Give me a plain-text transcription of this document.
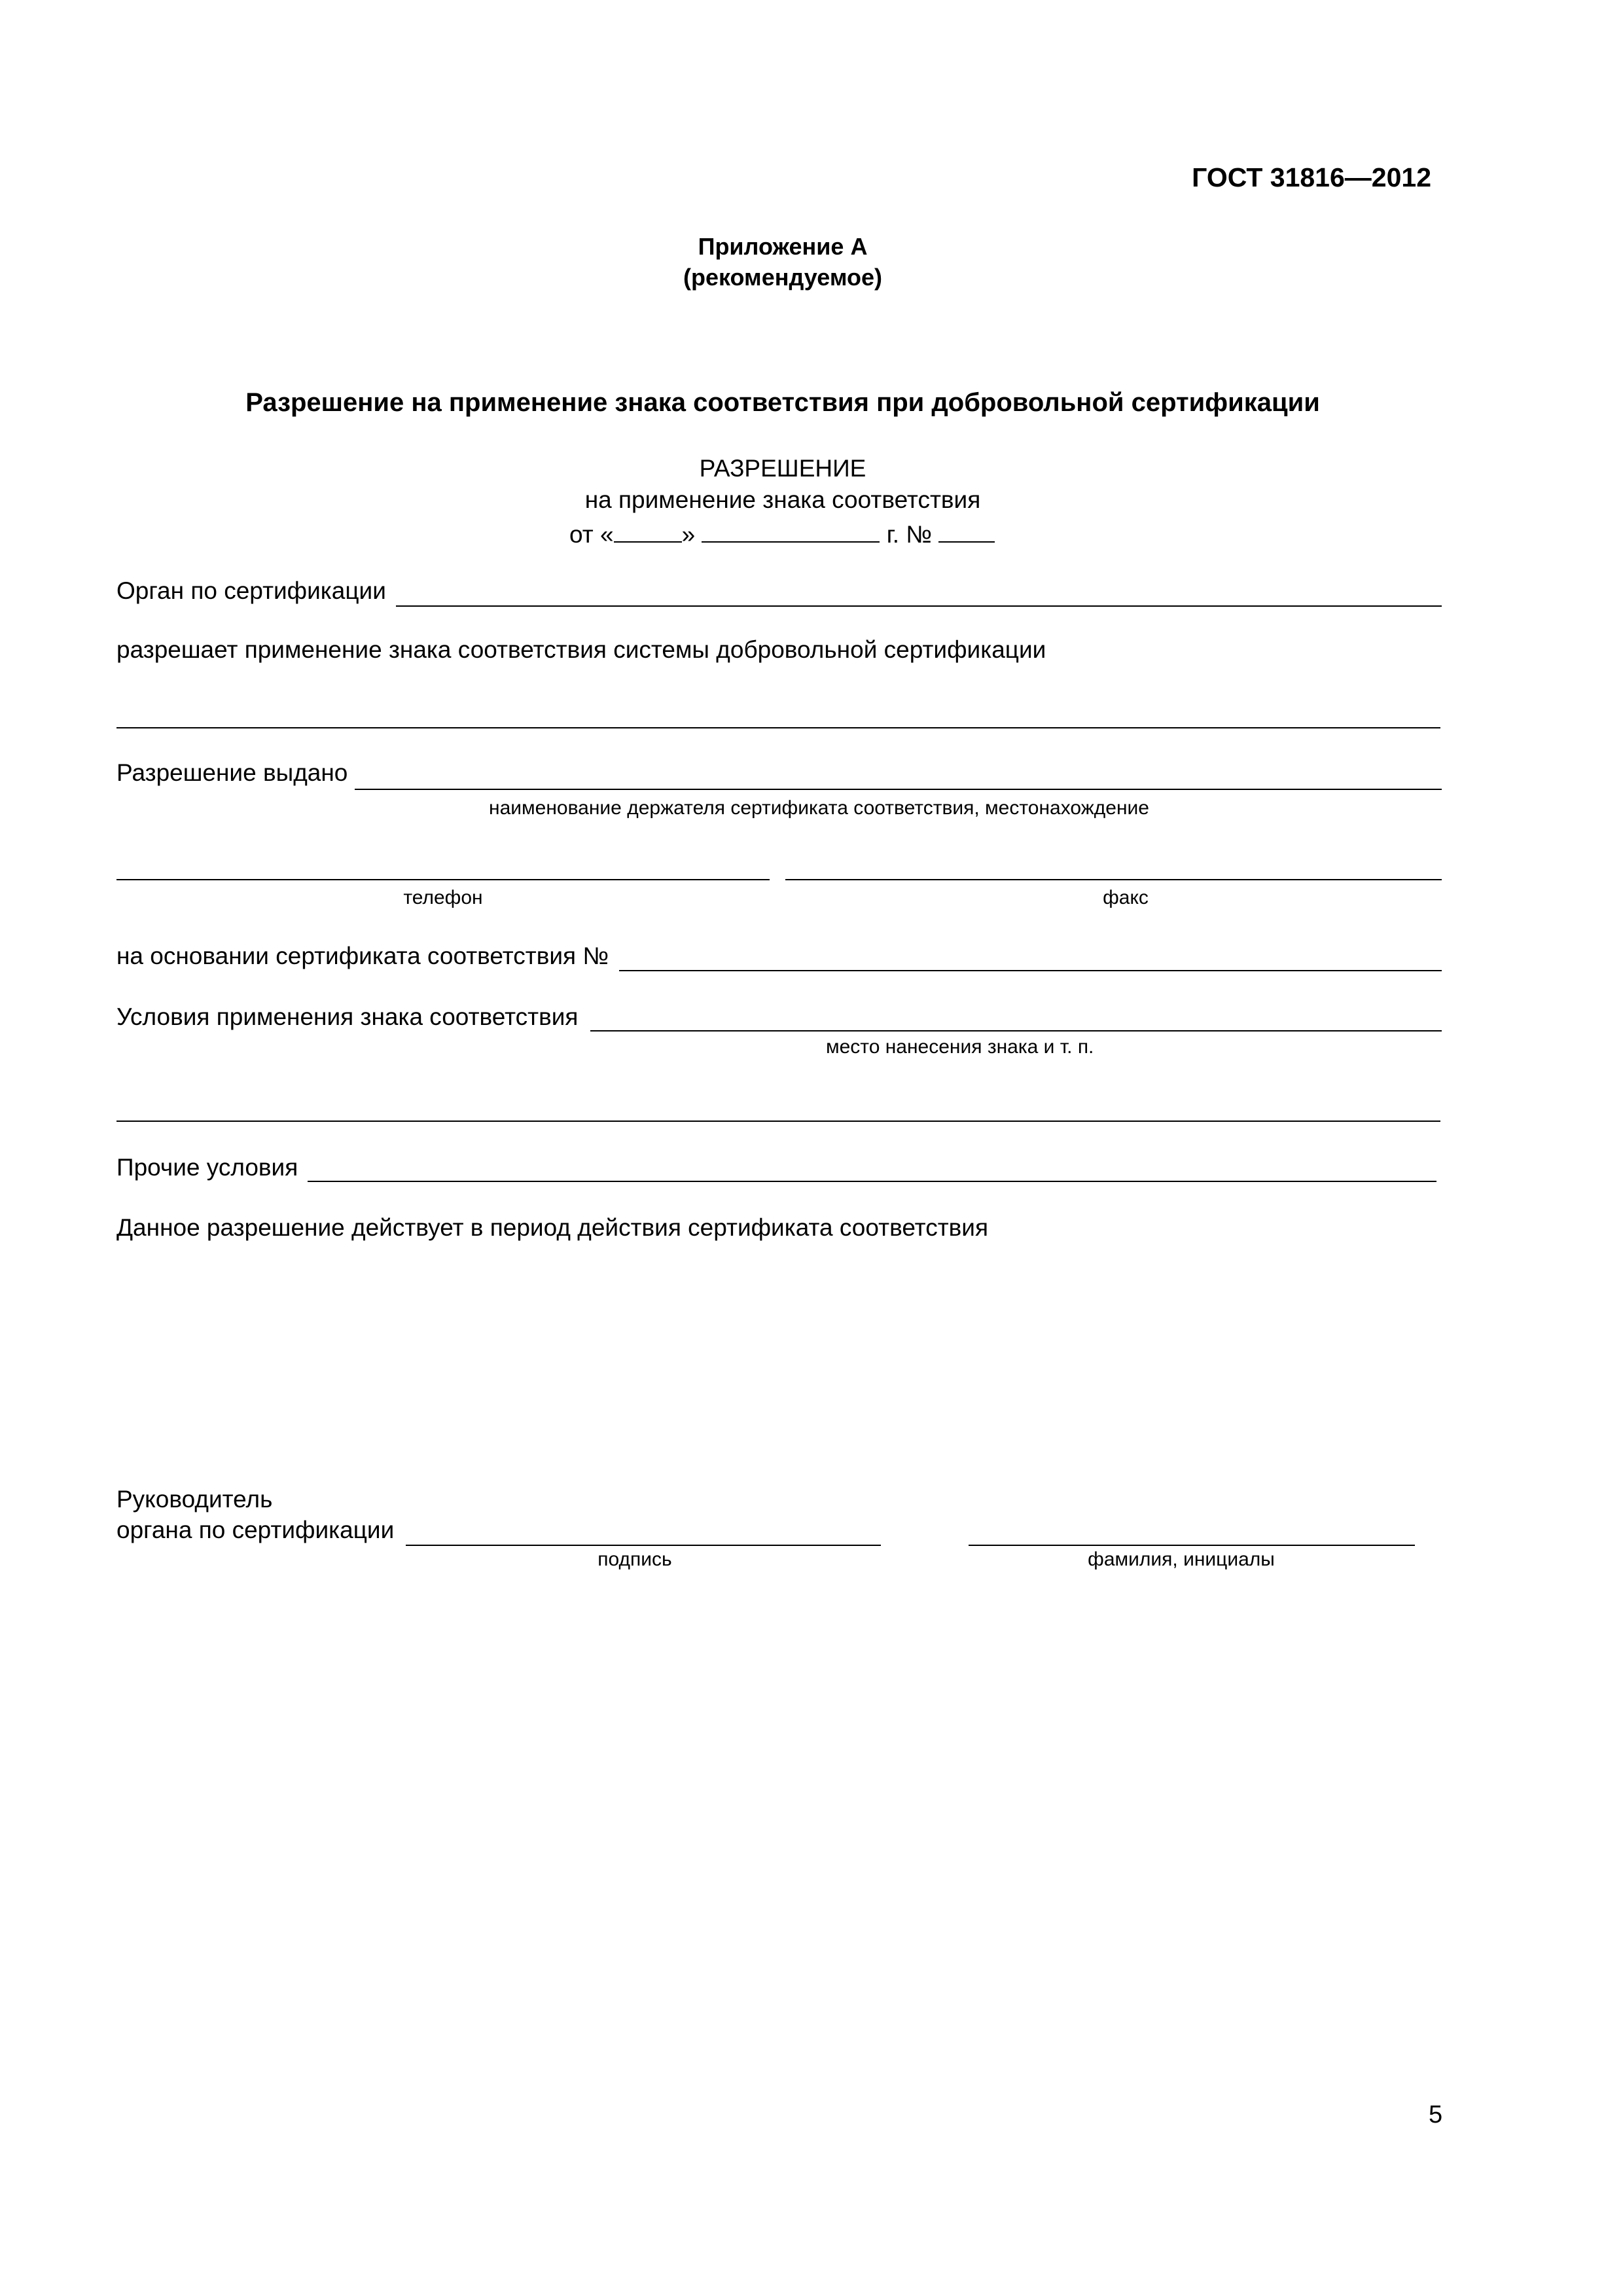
ГОСТ 31816—2012
Приложение А
(рекомендуемое)
Разрешение на применение знака соответствия при добровольной сертификации
РАЗРЕШЕНИЕ
на применение знака соответствия
от «	»	г. №
Орган по сертификации
разрешает применение знака соответствия системы добровольной сертификации
Разрешение выдано
наименование держателя сертификата соответствия, местонахождение
телефон	факс
на основании сертификата соответствия №
Условия применения знака соответствия
место нанесения знака и т. п.
Прочие условия
Данное разрешение действует в период действия сертификата соответствия
Руководитель
органа по сертификации
подпись	фамилия, инициалы
5
